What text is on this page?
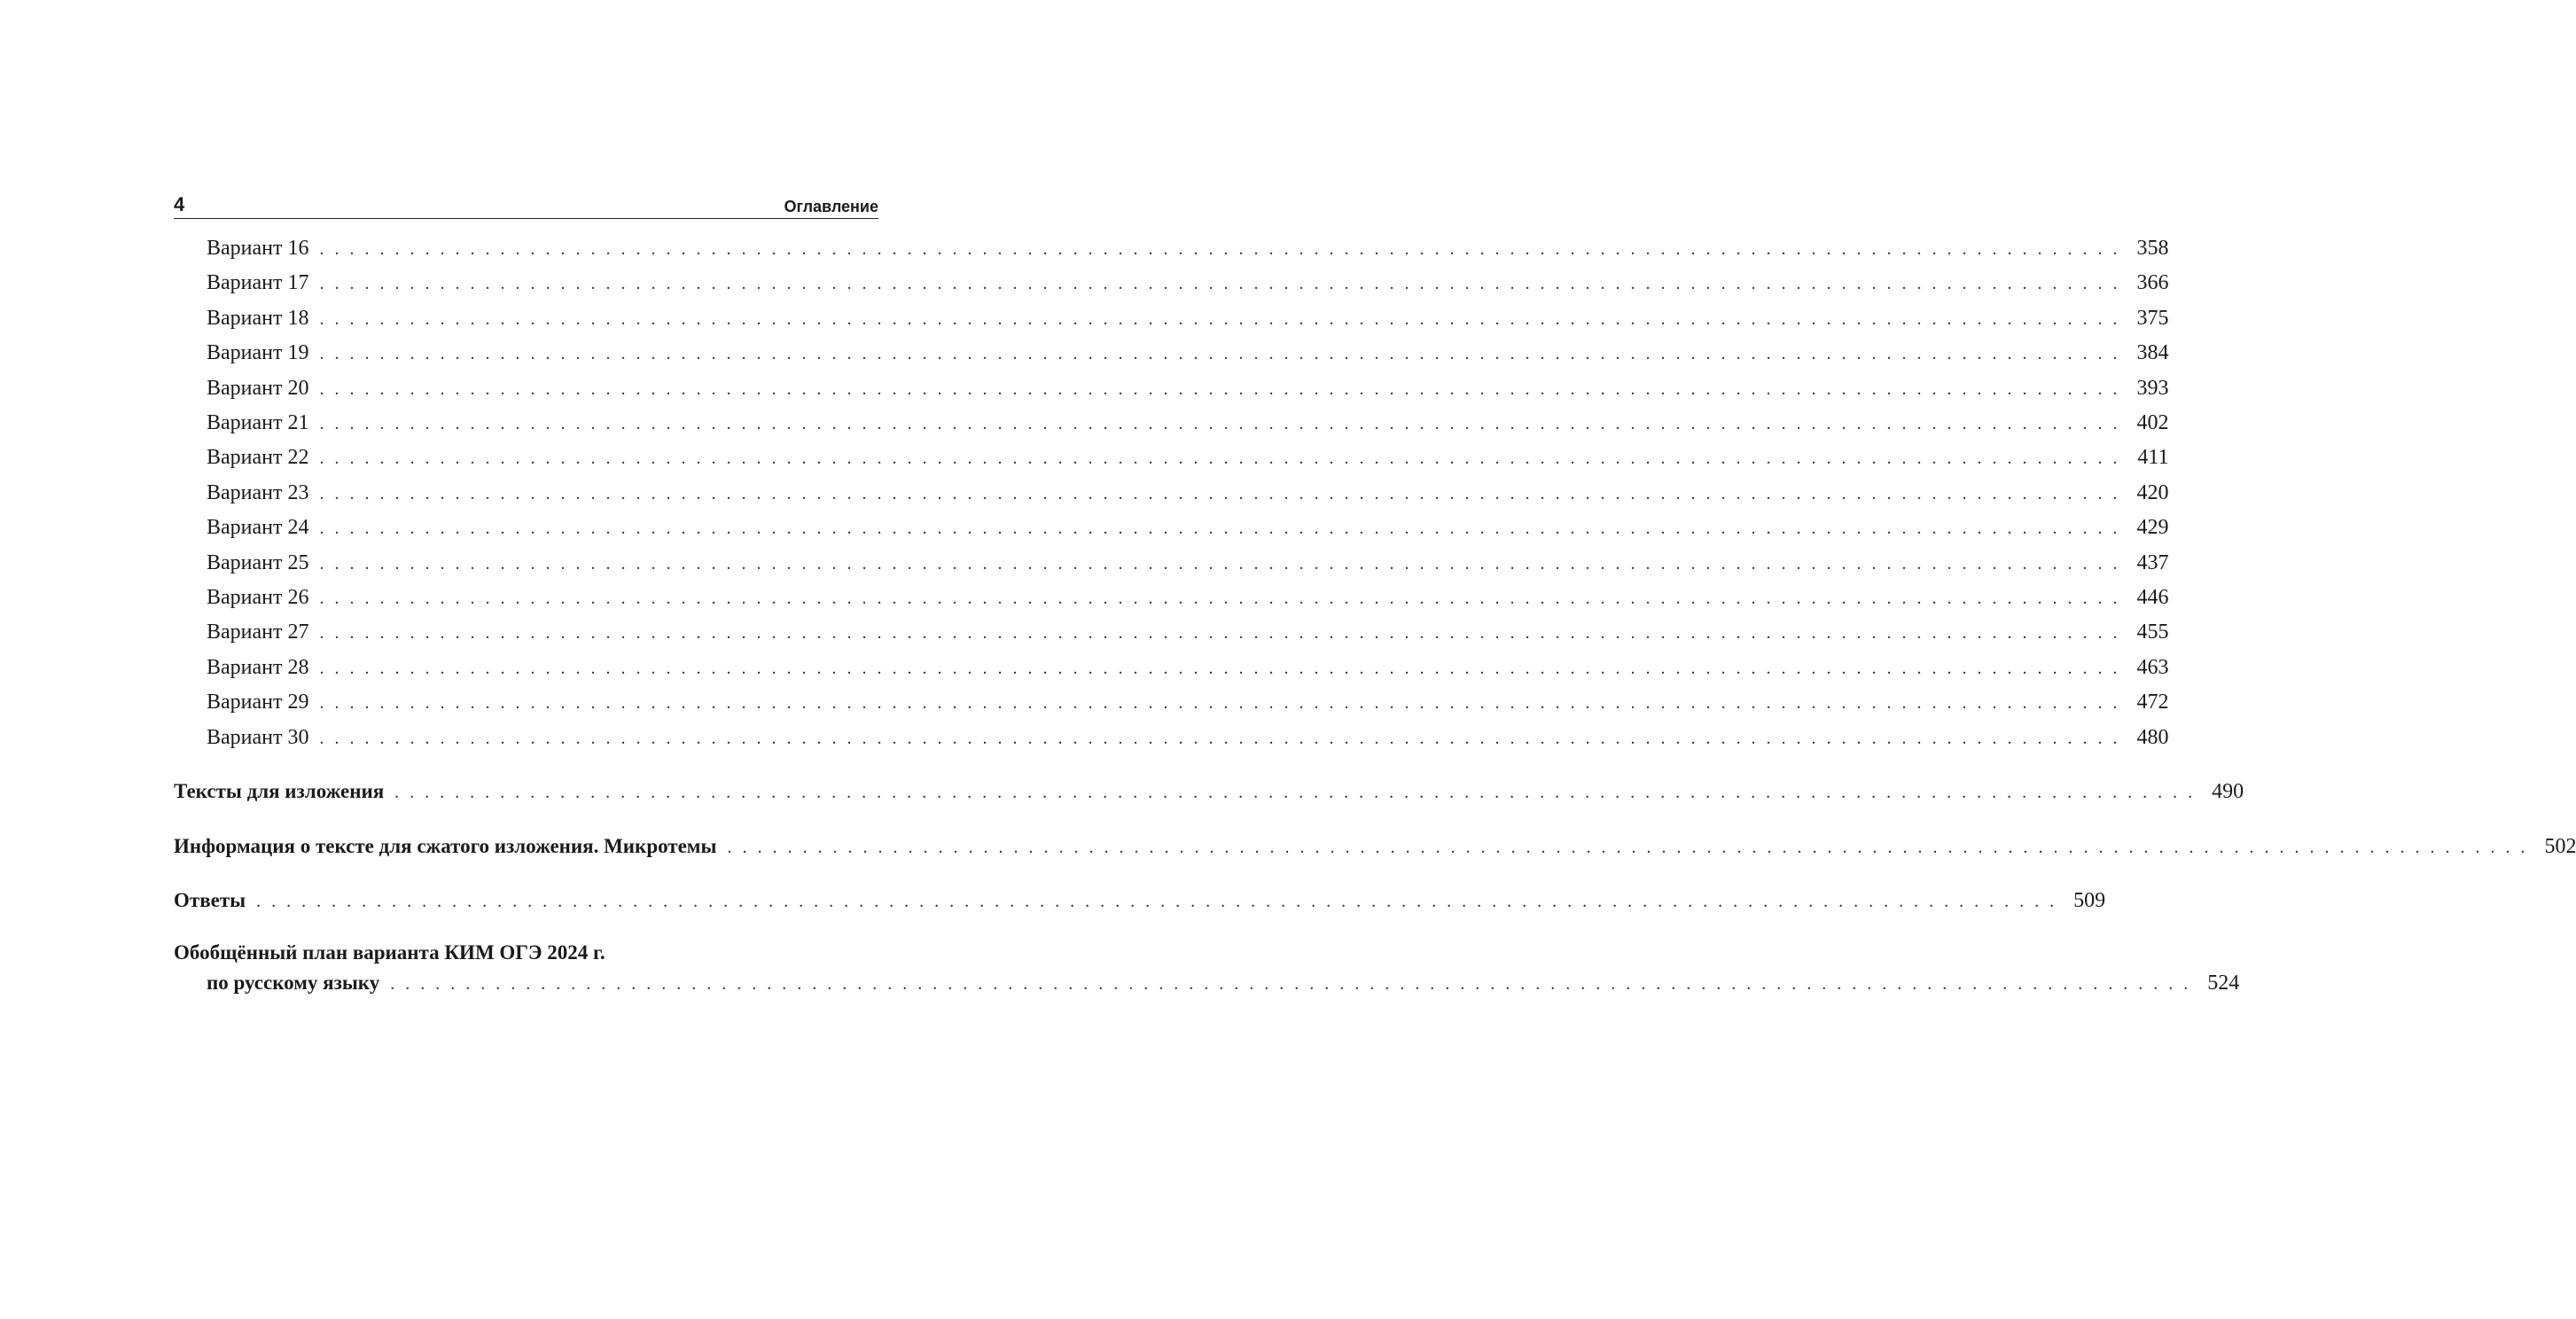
4	Оглавление
Вариант 16 ........................................................................................................................ 358
Вариант 17 ........................................................................................................................ 366
Вариант 18 ........................................................................................................................ 375
Вариант 19 ........................................................................................................................ 384
Вариант 20 ........................................................................................................................ 393
Вариант 21 ........................................................................................................................ 402
Вариант 22 ........................................................................................................................ 411
Вариант 23 ........................................................................................................................ 420
Вариант 24 ........................................................................................................................ 429
Вариант 25 ........................................................................................................................ 437
Вариант 26 ........................................................................................................................ 446
Вариант 27 ........................................................................................................................ 455
Вариант 28 ........................................................................................................................ 463
Вариант 29 ........................................................................................................................ 472
Вариант 30 ........................................................................................................................ 480
Тексты для изложения ........................................................................................................................ 490
Информация о тексте для сжатого изложения. Микротемы ........................................................................................................................ 502
Ответы ........................................................................................................................ 509
Обобщённый план варианта КИМ ОГЭ 2024 г.
по русскому языку ........................................................................................................................ 524
